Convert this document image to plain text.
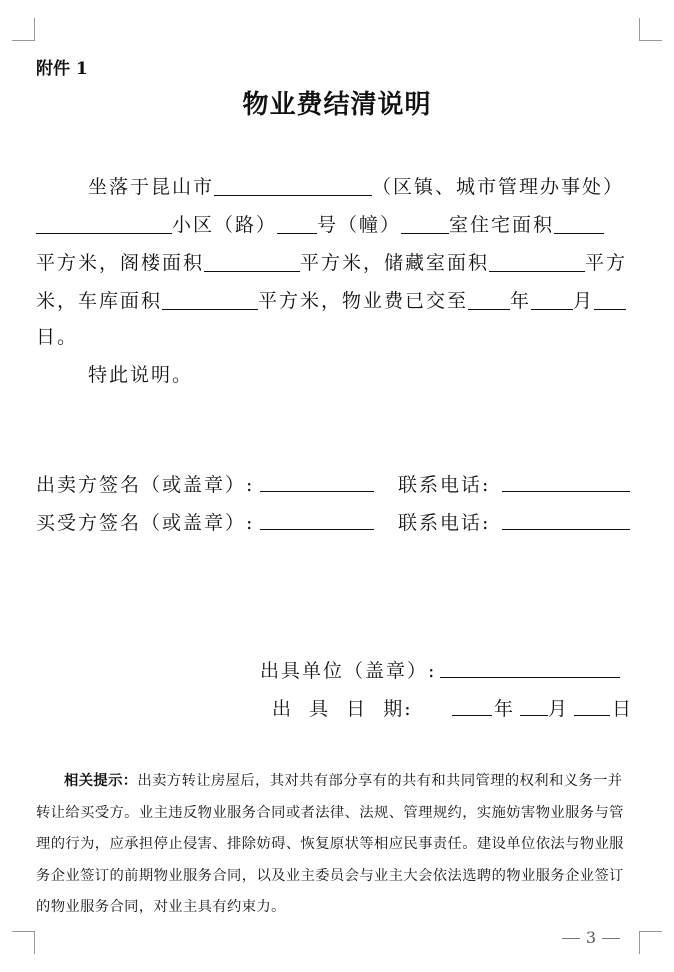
附件 1
物业费结清说明
坐落于昆山市	（区镇、城市管理办事处）
小区（路） 号（幢）	室住宅面积
平方米，阁楼面积	平方米，储藏室面积	平方
米，车库面积	平方米，物业费已交至 年 月
日。
特此说明。
出卖方签名（或盖章）:	联系电话:
买受方签名（或盖章）:	联系电话:
出具单位（盖章）:
出  具  日  期:	年 月 日
相关提示：出卖方转让房屋后，其对共有部分享有的共有和共同管理的权利和义务一并转让给买受方。业主违反物业服务合同或者法律、法规、管理规约，实施妨害物业服务与管理的行为，应承担停止侵害、排除妨碍、恢复原状等相应民事责任。建设单位依法与物业服务企业签订的前期物业服务合同，以及业主委员会与业主大会依法选聘的物业服务企业签订的物业服务合同，对业主具有约束力。
3
